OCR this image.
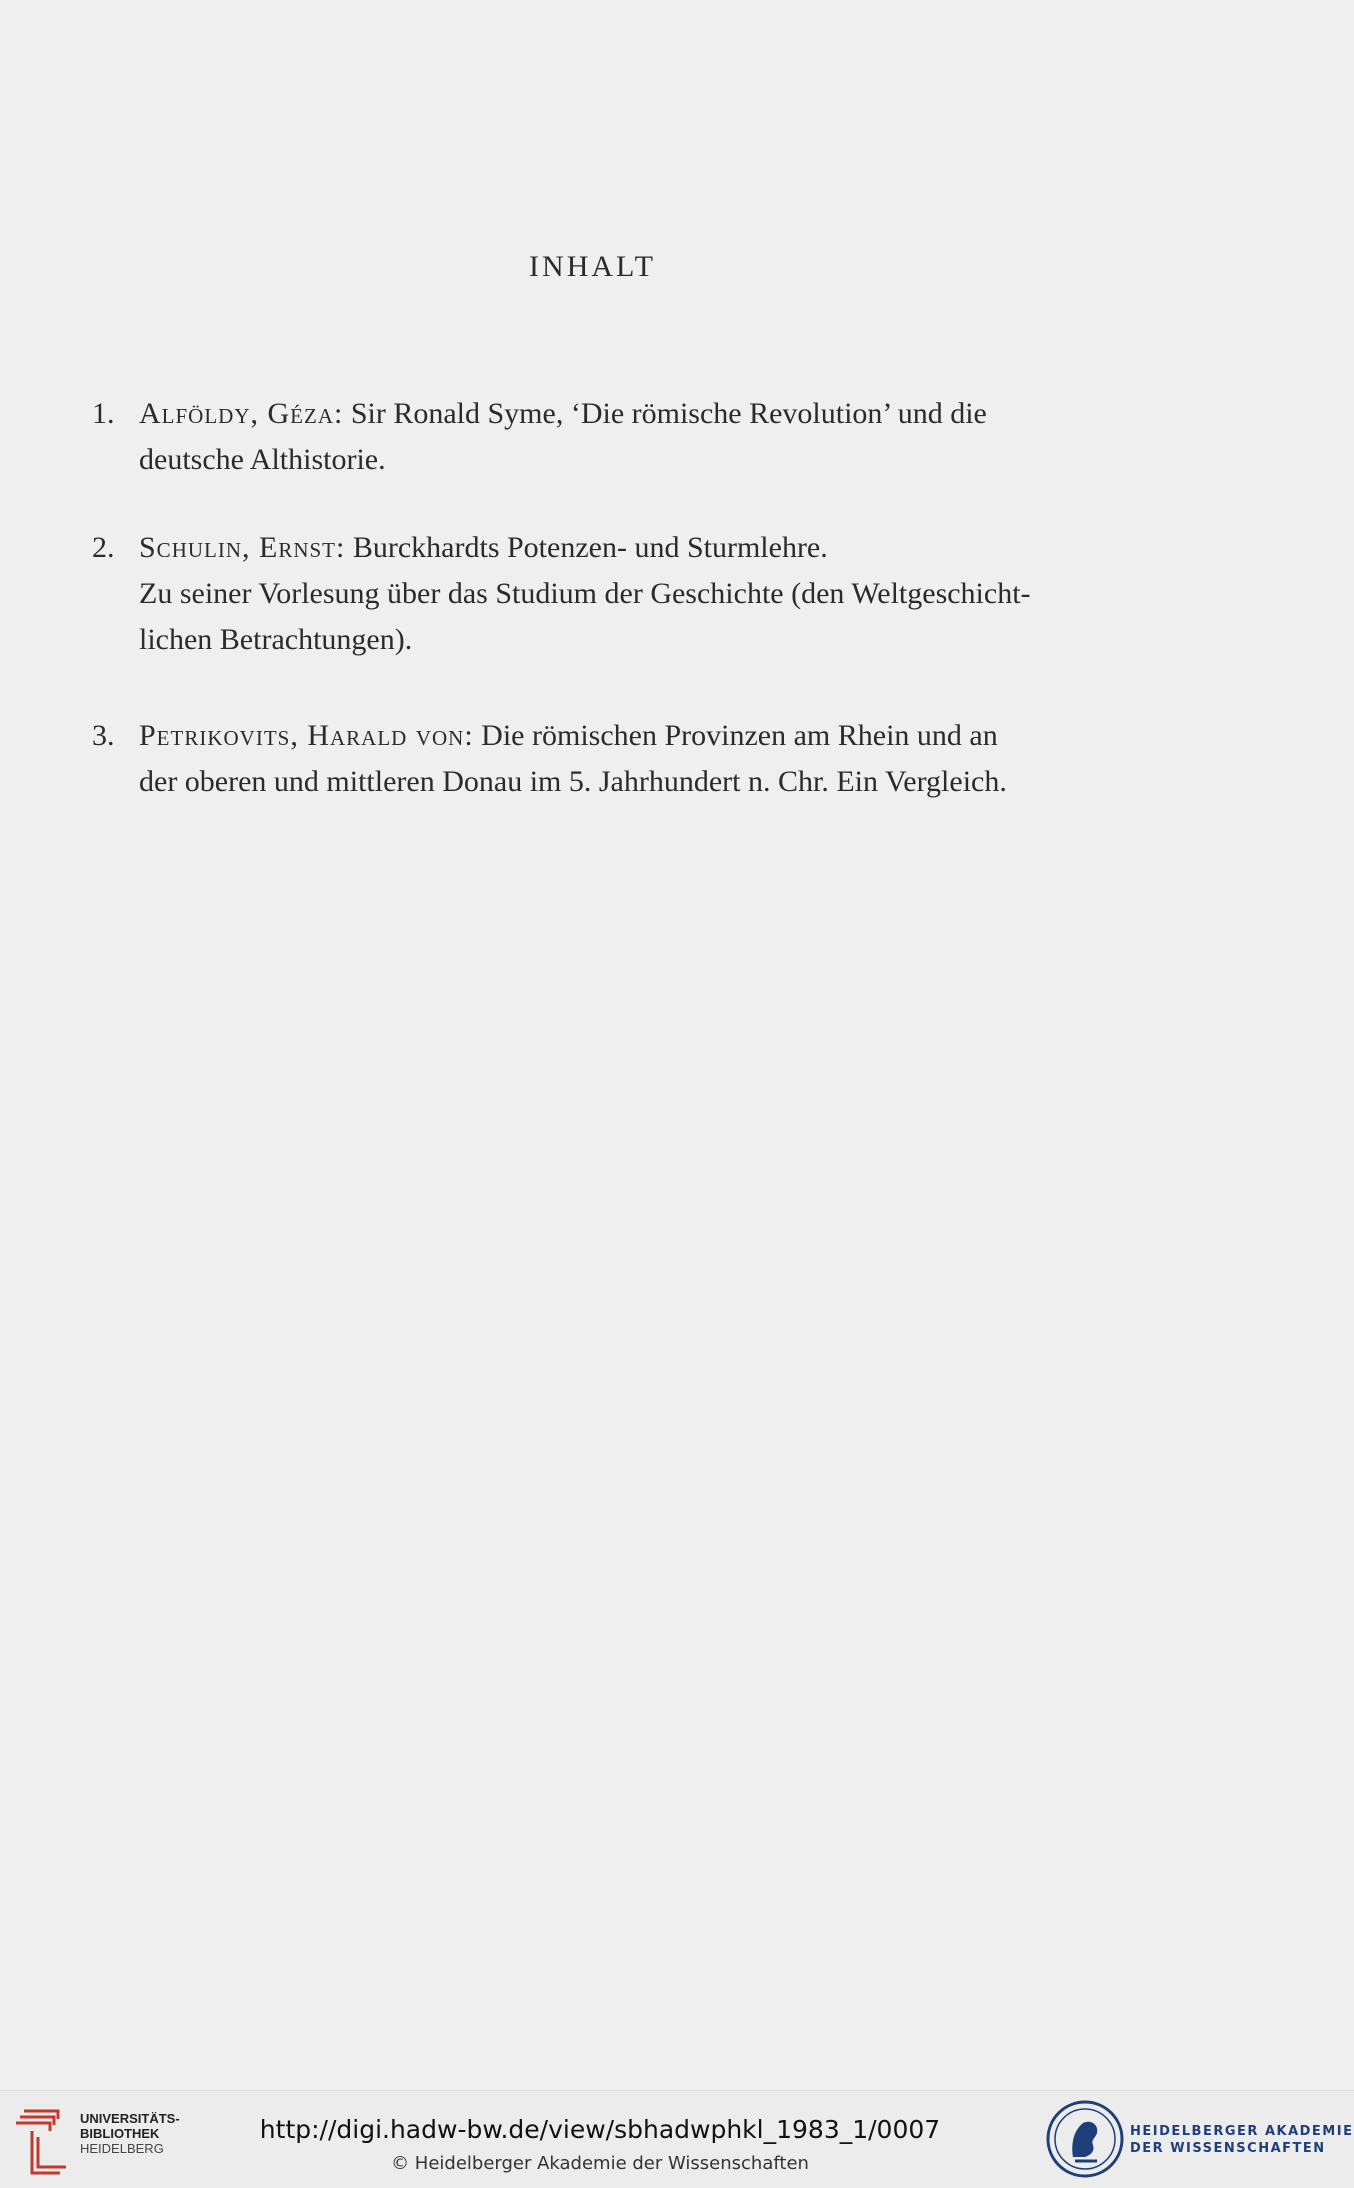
INHALT
1. Alföldy, Géza: Sir Ronald Syme, ‘Die römische Revolution’ und die
deutsche Althistorie.
2. Schulin, Ernst: Burckhardts Potenzen- und Sturmlehre.
Zu seiner Vorlesung über das Studium der Geschichte (den Weltgeschicht-
lichen Betrachtungen).
3. Petrikovits, Harald von: Die römischen Provinzen am Rhein und an
der oberen und mittleren Donau im 5. Jahrhundert n. Chr. Ein Vergleich.
UNIVERSITÄTS-
BIBLIOTHEK
HEIDELBERG
http://digi.hadw-bw.de/view/sbhadwphkl_1983_1/0007
© Heidelberger Akademie der Wissenschaften
HEIDELBERGER AKADEMIE
DER WISSENSCHAFTEN
